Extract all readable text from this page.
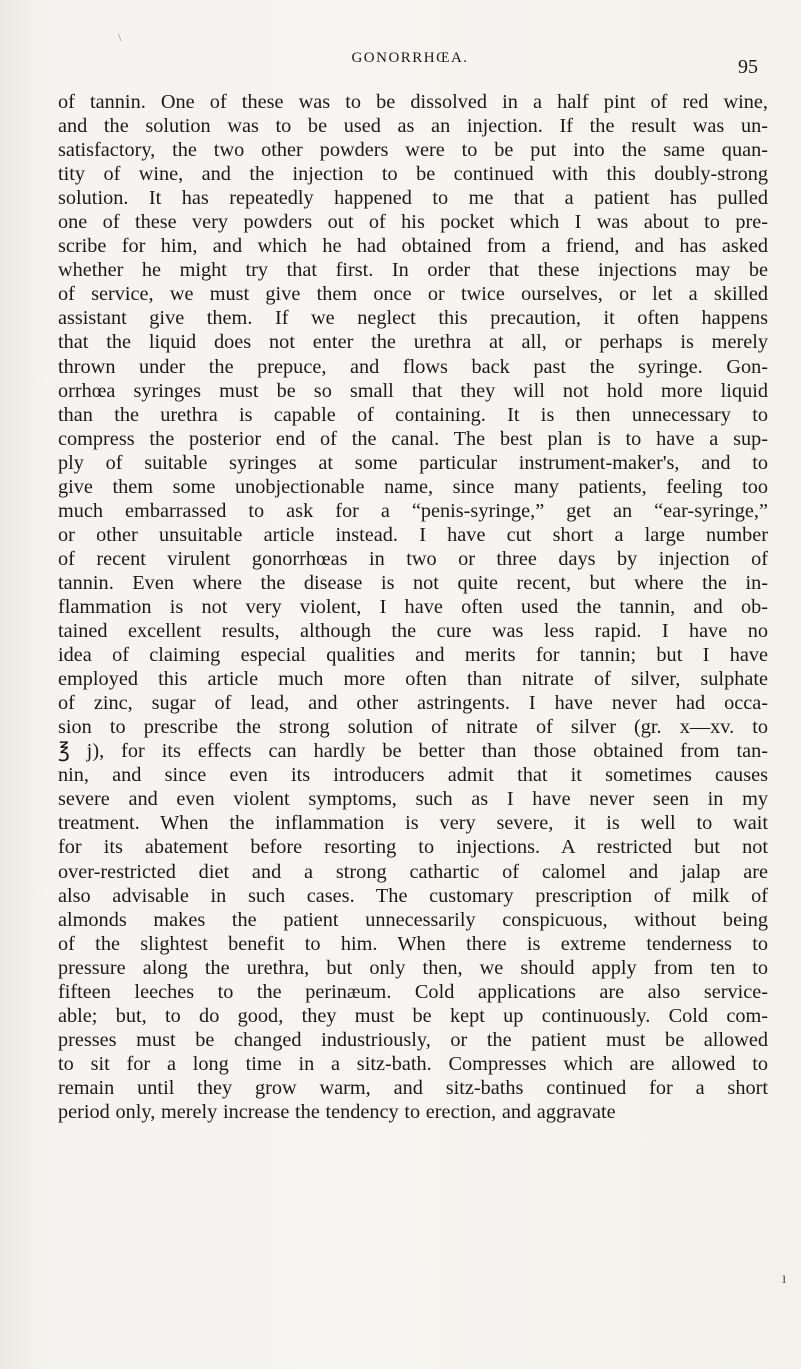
\
GONORRHŒA.	95
of tannin. One of these was to be dissolved in a half pint of red wine,
and the solution was to be used as an injection. If the result was un-
satisfactory, the two other powders were to be put into the same quan-
tity of wine, and the injection to be continued with this doubly-strong
solution. It has repeatedly happened to me that a patient has pulled
one of these very powders out of his pocket which I was about to pre-
scribe for him, and which he had obtained from a friend, and has asked
whether he might try that first. In order that these injections may be
of service, we must give them once or twice ourselves, or let a skilled
assistant give them. If we neglect this precaution, it often happens
that the liquid does not enter the urethra at all, or perhaps is merely
thrown under the prepuce, and flows back past the syringe. Gon-
orrhœa syringes must be so small that they will not hold more liquid
than the urethra is capable of containing. It is then unnecessary to
compress the posterior end of the canal. The best plan is to have a sup-
ply of suitable syringes at some particular instrument-maker's, and to
give them some unobjectionable name, since many patients, feeling too
much embarrassed to ask for a “penis-syringe,” get an “ear-syringe,”
or other unsuitable article instead. I have cut short a large number
of recent virulent gonorrhœas in two or three days by injection of
tannin. Even where the disease is not quite recent, but where the in-
flammation is not very violent, I have often used the tannin, and ob-
tained excellent results, although the cure was less rapid. I have no
idea of claiming especial qualities and merits for tannin; but I have
employed this article much more often than nitrate of silver, sulphate
of zinc, sugar of lead, and other astringents. I have never had occa-
sion to prescribe the strong solution of nitrate of silver (gr. x—xv. to
℥ j), for its effects can hardly be better than those obtained from tan-
nin, and since even its introducers admit that it sometimes causes
severe and even violent symptoms, such as I have never seen in my
treatment. When the inflammation is very severe, it is well to wait
for its abatement before resorting to injections. A restricted but not
over-restricted diet and a strong cathartic of calomel and jalap are
also advisable in such cases. The customary prescription of milk of
almonds makes the patient unnecessarily conspicuous, without being
of the slightest benefit to him. When there is extreme tenderness to
pressure along the urethra, but only then, we should apply from ten to
fifteen leeches to the perinæum. Cold applications are also service-
able; but, to do good, they must be kept up continuously. Cold com-
presses must be changed industriously, or the patient must be allowed
to sit for a long time in a sitz-bath. Compresses which are allowed to
remain until they grow warm, and sitz-baths continued for a short
period only, merely increase the tendency to erection, and aggravate
ı
